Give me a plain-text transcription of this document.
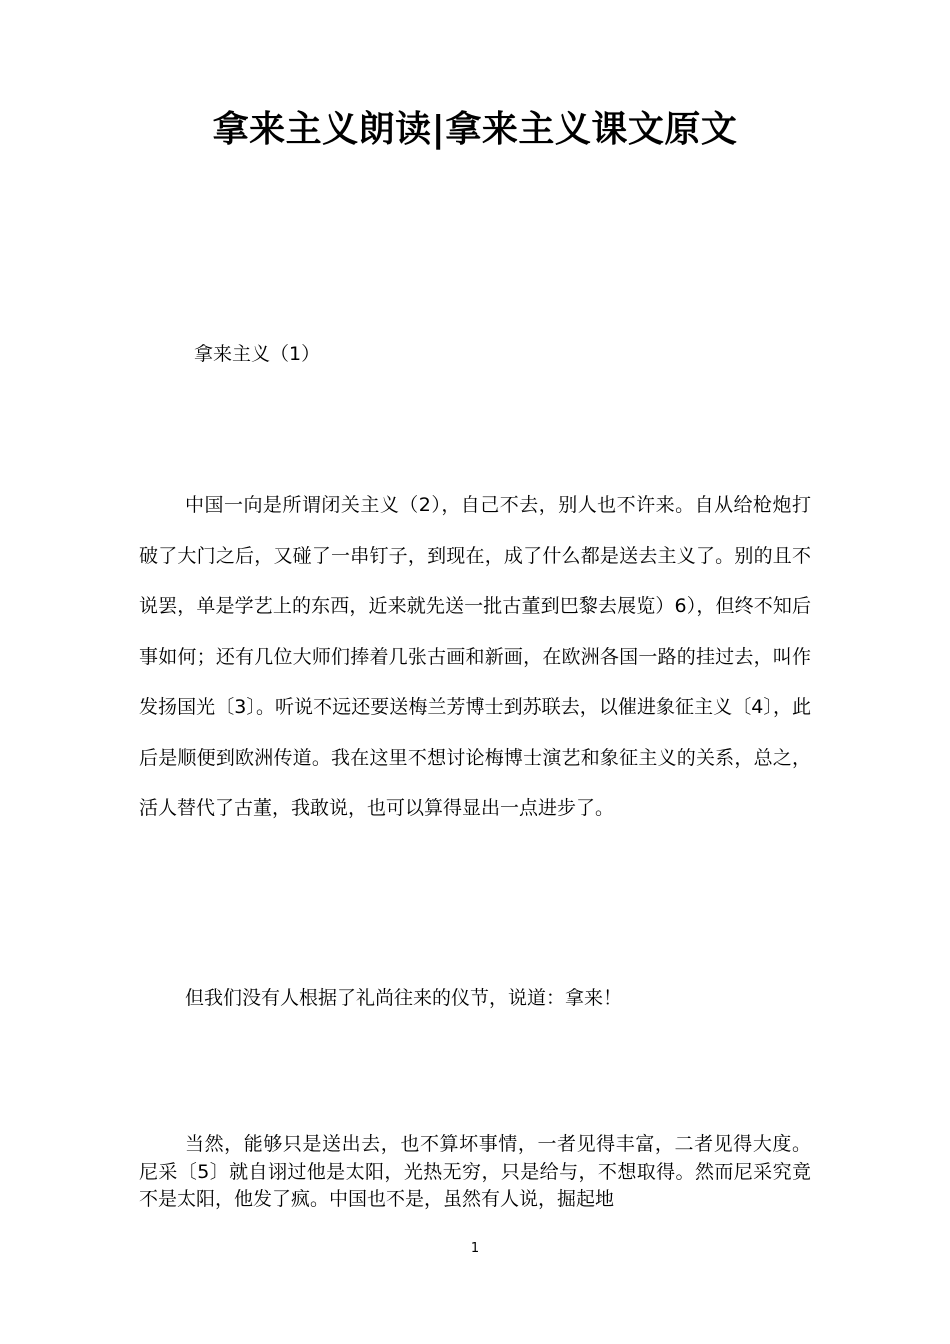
拿来主义朗读|拿来主义课文原文

拿来主义（1）

中国一向是所谓闭关主义（2），自己不去，别人也不许来。自从给枪炮打破了大门之后，又碰了一串钉子，到现在，成了什么都是送去主义了。别的且不说罢，单是学艺上的东西，近来就先送一批古董到巴黎去展览）6），但终不知后事如何；还有几位大师们捧着几张古画和新画，在欧洲各国一路的挂过去，叫作发扬国光〔3〕。听说不远还要送梅兰芳博士到苏联去，以催进象征主义〔4〕，此后是顺便到欧洲传道。我在这里不想讨论梅博士演艺和象征主义的关系，总之，活人替代了古董，我敢说，也可以算得显出一点进步了。

但我们没有人根据了礼尚往来的仪节，说道：拿来！

当然，能够只是送出去，也不算坏事情，一者见得丰富，二者见得大度。尼采〔5〕就自诩过他是太阳，光热无穷，只是给与，不想取得。然而尼采究竟不是太阳，他发了疯。中国也不是，虽然有人说，掘起地

1
